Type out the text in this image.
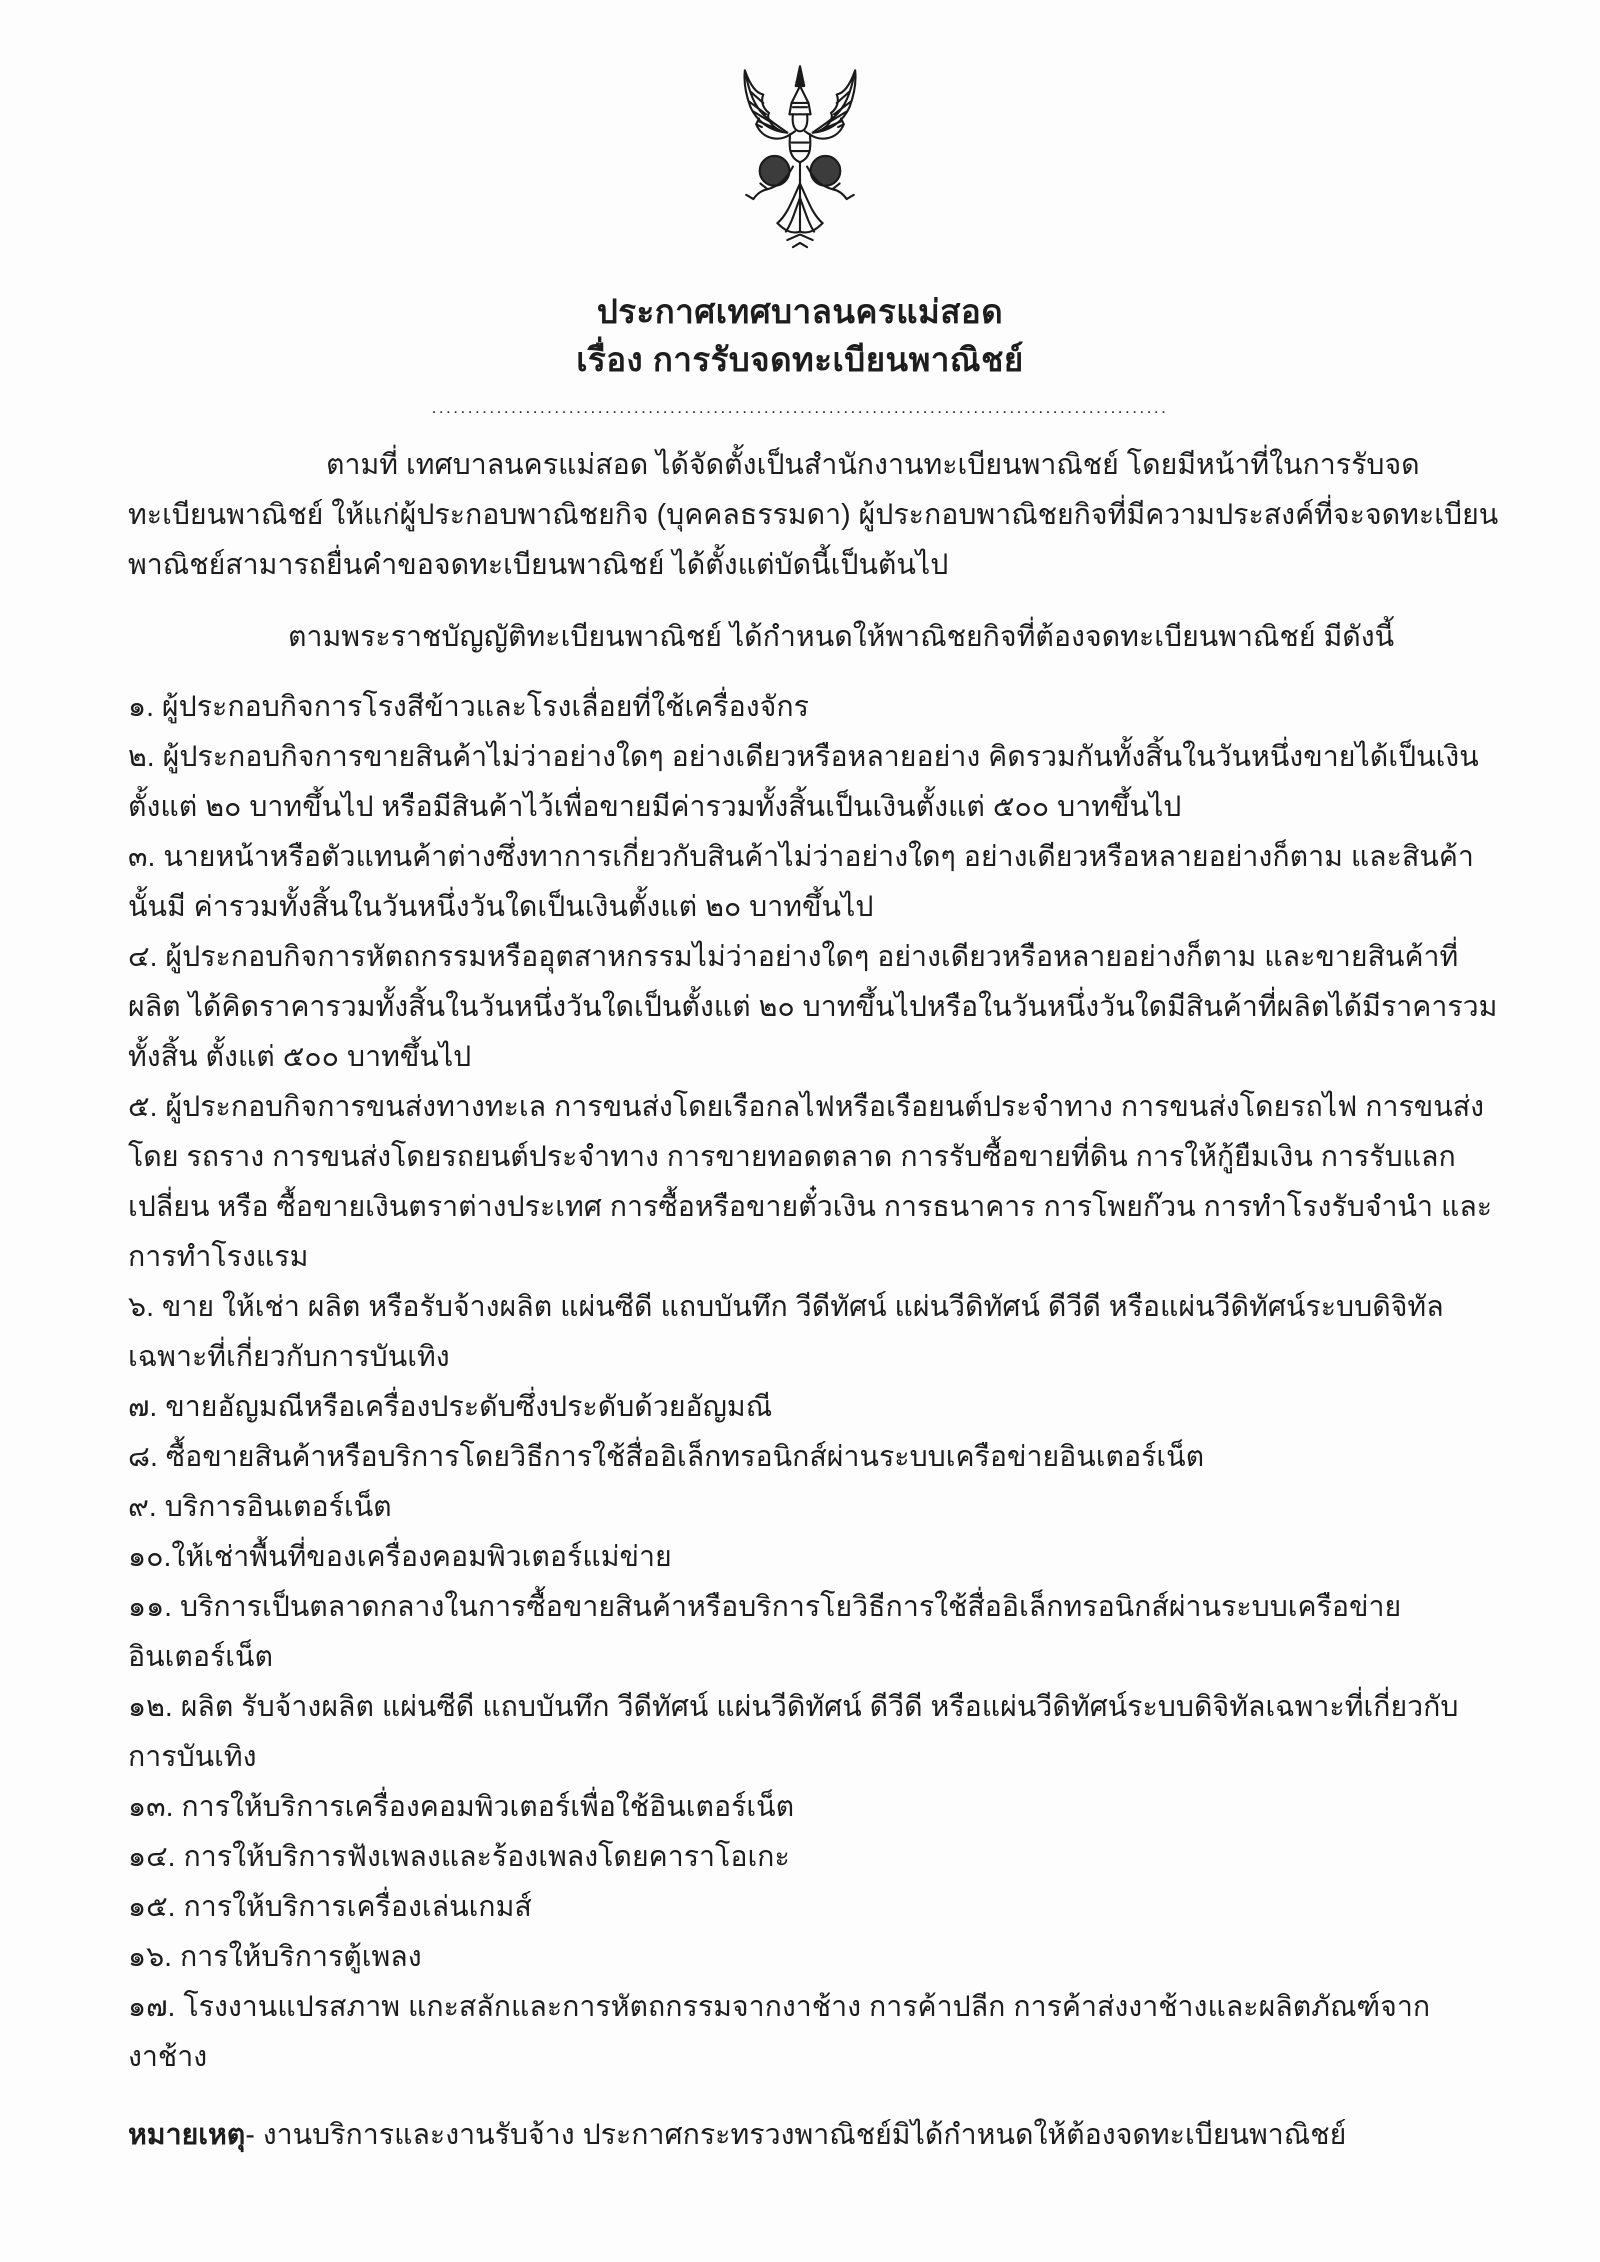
ประกาศเทศบาลนครแม่สอด
เรื่อง การรับจดทะเบียนพาณิชย์
......................................................................................................

ตามที่ เทศบาลนครแม่สอด ได้จัดตั้งเป็นสำนักงานทะเบียนพาณิชย์ โดยมีหน้าที่ในการรับจดทะเบียนพาณิชย์ ให้แก่ผู้ประกอบพาณิชยกิจ (บุคคลธรรมดา) ผู้ประกอบพาณิชยกิจที่มีความประสงค์ที่จะจดทะเบียนพาณิชย์สามารถยื่นคำขอจดทะเบียนพาณิชย์ ได้ตั้งแต่บัดนี้เป็นต้นไป

ตามพระราชบัญญัติทะเบียนพาณิชย์ ได้กำหนดให้พาณิชยกิจที่ต้องจดทะเบียนพาณิชย์ มีดังนี้

๑. ผู้ประกอบกิจการโรงสีข้าวและโรงเลื่อยที่ใช้เครื่องจักร

๒. ผู้ประกอบกิจการขายสินค้าไม่ว่าอย่างใดๆ อย่างเดียวหรือหลายอย่าง คิดรวมกันทั้งสิ้นในวันหนึ่งขายได้เป็นเงิน ตั้งแต่ ๒๐ บาทขึ้นไป หรือมีสินค้าไว้เพื่อขายมีค่ารวมทั้งสิ้นเป็นเงินตั้งแต่ ๕๐๐ บาทขึ้นไป

๓. นายหน้าหรือตัวแทนค้าต่างซึ่งทาการเกี่ยวกับสินค้าไม่ว่าอย่างใดๆ อย่างเดียวหรือหลายอย่างก็ตาม และสินค้านั้นมี ค่ารวมทั้งสิ้นในวันหนึ่งวันใดเป็นเงินตั้งแต่ ๒๐ บาทขึ้นไป

๔. ผู้ประกอบกิจการหัตถกรรมหรืออุตสาหกรรมไม่ว่าอย่างใดๆ อย่างเดียวหรือหลายอย่างก็ตาม และขายสินค้าที่ผลิต ได้คิดราคารวมทั้งสิ้นในวันหนึ่งวันใดเป็นตั้งแต่ ๒๐ บาทขึ้นไปหรือในวันหนึ่งวันใดมีสินค้าที่ผลิตได้มีราคารวมทั้งสิ้น ตั้งแต่ ๕๐๐ บาทขึ้นไป

๕. ผู้ประกอบกิจการขนส่งทางทะเล การขนส่งโดยเรือกลไฟหรือเรือยนต์ประจำทาง การขนส่งโดยรถไฟ การขนส่งโดย รถราง การขนส่งโดยรถยนต์ประจำทาง การขายทอดตลาด การรับซื้อขายที่ดิน การให้กู้ยืมเงิน การรับแลกเปลี่ยน หรือ ซื้อขายเงินตราต่างประเทศ การซื้อหรือขายตั๋วเงิน การธนาคาร การโพยก๊วน การทำโรงรับจำนำ และการทำโรงแรม

๖. ขาย ให้เช่า ผลิต หรือรับจ้างผลิต แผ่นซีดี แถบบันทึก วีดีทัศน์ แผ่นวีดิทัศน์ ดีวีดี หรือแผ่นวีดิทัศน์ระบบดิจิทัล เฉพาะที่เกี่ยวกับการบันเทิง

๗. ขายอัญมณีหรือเครื่องประดับซึ่งประดับด้วยอัญมณี

๘. ซื้อขายสินค้าหรือบริการโดยวิธีการใช้สื่ออิเล็กทรอนิกส์ผ่านระบบเครือข่ายอินเตอร์เน็ต

๙. บริการอินเตอร์เน็ต

๑๐.ให้เช่าพื้นที่ของเครื่องคอมพิวเตอร์แม่ข่าย

๑๑. บริการเป็นตลาดกลางในการซื้อขายสินค้าหรือบริการโยวิธีการใช้สื่ออิเล็กทรอนิกส์ผ่านระบบเครือข่ายอินเตอร์เน็ต

๑๒. ผลิต รับจ้างผลิต แผ่นซีดี แถบบันทึก วีดีทัศน์ แผ่นวีดิทัศน์ ดีวีดี หรือแผ่นวีดิทัศน์ระบบดิจิทัลเฉพาะที่เกี่ยวกับ การบันเทิง

๑๓. การให้บริการเครื่องคอมพิวเตอร์เพื่อใช้อินเตอร์เน็ต

๑๔. การให้บริการฟังเพลงและร้องเพลงโดยคาราโอเกะ

๑๕. การให้บริการเครื่องเล่นเกมส์

๑๖. การให้บริการตู้เพลง

๑๗. โรงงานแปรสภาพ แกะสลักและการหัตถกรรมจากงาช้าง การค้าปลีก การค้าส่งงาช้างและผลิตภัณฑ์จากงาช้าง

หมายเหตุ- งานบริการและงานรับจ้าง ประกาศกระทรวงพาณิชย์มิได้กำหนดให้ต้องจดทะเบียนพาณิชย์
